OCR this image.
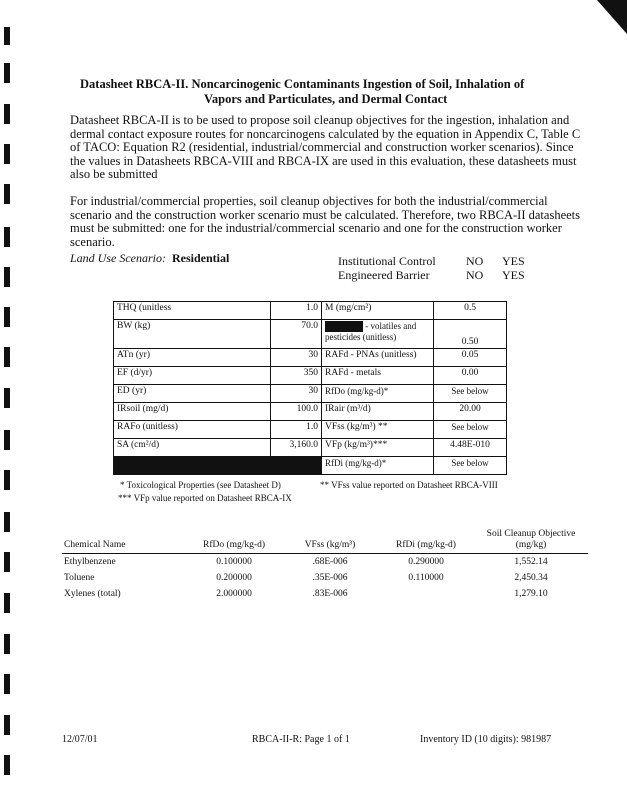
Datasheet RBCA-II. Noncarcinogenic Contaminants Ingestion of Soil, Inhalation of
Vapors and Particulates, and Dermal Contact
Datasheet RBCA-II is to be used to propose soil cleanup objectives for the ingestion, inhalation and dermal contact exposure routes for noncarcinogens calculated by the equation in Appendix C, Table C of TACO: Equation R2 (residential, industrial/commercial and construction worker scenarios). Since the values in Datasheets RBCA-VIII and RBCA-IX are used in this evaluation, these datasheets must also be submitted
For industrial/commercial properties, soil cleanup objectives for both the industrial/commercial scenario and the construction worker scenario must be calculated. Therefore, two RBCA-II datasheets must be submitted: one for the industrial/commercial scenario and one for the construction worker scenario.
Land Use Scenario: Residential	Institutional Control	NO YES
Engineered Barrier	NO YES
THQ (unitless	1.0	M (mg/cm²)	0.5
BW (kg)	70.0	- volatiles and pesticides (unitless)	0.50
ATn (yr)	30	RAFd - PNAs (unitless)	0.05
EF (d/yr)	350	RAFd - metals	0.00
ED (yr)	30	RfDo (mg/kg-d)*	See below
IRsoil (mg/d)	100.0	IRair (m³/d)	20.00
RAFo (unitless)	1.0	VFss (kg/m³) **	See below
SA (cm²/d)	3,160.0	VFp (kg/m³)***	4.48E-010
		RfDi (mg/kg-d)*	See below
* Toxicological Properties (see Datasheet D)	** VFss value reported on Datasheet RBCA-VIII
*** VFp value reported on Datasheet RBCA-IX
Chemical Name	RfDo (mg/kg-d)	VFss (kg/m³)	RfDi (mg/kg-d)	Soil Cleanup Objective (mg/kg)
Ethylbenzene	0.100000	.68E-006	0.290000	1,552.14
Toluene	0.200000	.35E-006	0.110000	2,450.34
Xylenes (total)	2.000000	.83E-006		1,279.10
12/07/01	RBCA-II-R: Page 1 of 1	Inventory ID (10 digits): 981987
